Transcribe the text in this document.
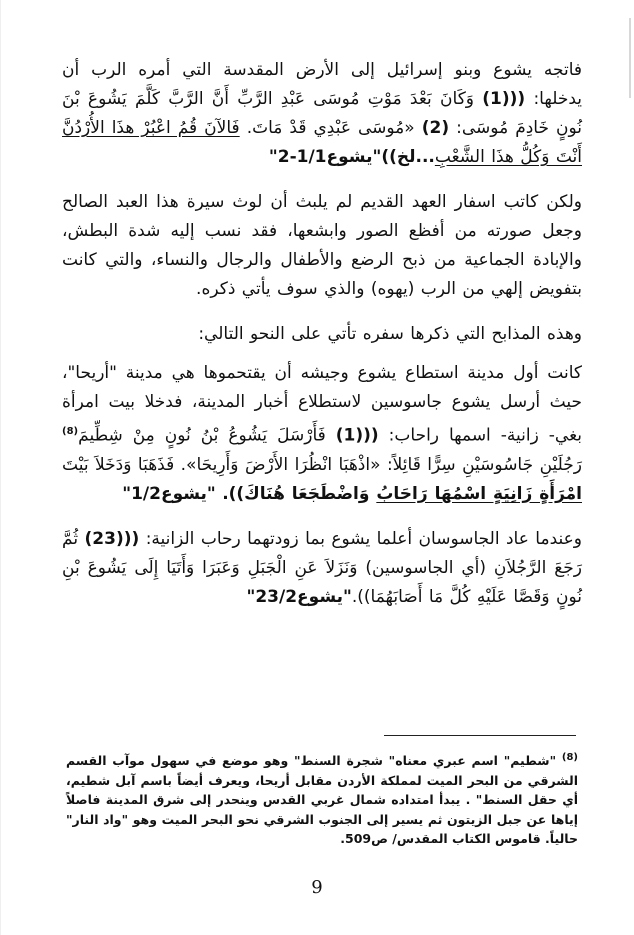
فاتجه يشوع وبنو إسرائيل إلى الأرض المقدسة التي أمره الرب أن يدخلها: (((1) وَكَانَ بَعْدَ مَوْتِ مُوسَى عَبْدِ الرَّبِّ أَنَّ الرَّبَّ كَلَّمَ يَشُوعَ بْنَ نُونٍ خَادِمَ مُوسَى: (2) «مُوسَى عَبْدِي قَدْ مَاتَ. فَالآنَ قُمُ اعْبُرْ هذَا الأُرْدُنَّ أَنْتَ وَكُلُّ هذَا الشَّعْبِ...لخ))"يشوع1/1-2"

ولكن كاتب اسفار العهد القديم لم يلبث أن لوث سيرة هذا العبد الصالح وجعل صورته من أفظع الصور وابشعها، فقد نسب إليه شدة البطش، والإبادة الجماعية من ذبح الرضع والأطفال والرجال والنساء، والتي كانت بتفويض إلهي من الرب (يهوه) والذي سوف يأتي ذكره.

وهذه المذابح التي ذكرها سفره تأتي على النحو التالي:

كانت أول مدينة استطاع يشوع وجيشه أن يقتحموها هي مدينة "أريحا"، حيث أرسل يشوع جاسوسين لاستطلاع أخبار المدينة، فدخلا بيت امرأة بغي- زانية- اسمها راحاب: (((1) فَأَرْسَلَ يَشُوعُ بْنُ نُونٍ مِنْ شِطِّيمَ$^{(8)}$ رَجُلَيْنِ جَاسُوسَيْنِ سِرًّا قَائِلاً: «اذْهَبَا انْظُرَا الأَرْضَ وَأَرِيحَا». فَذَهَبَا وَدَخَلاَ بَيْتَ امْرَأَةٍ زَانِيَةٍ اسْمُهَا رَاحَابُ وَاضْطَجَعَا هُنَاكَ)). "يشوع1/2"

وعندما عاد الجاسوسان أعلما يشوع بما زودتهما رحاب الزانية: (((23) ثُمَّ رَجَعَ الرَّجُلاَنِ (أي الجاسوسين) وَنَزَلاَ عَنِ الْجَبَلِ وَعَبَرَا وَأَتَيَا إِلَى يَشُوعَ بْنِ نُونٍ وَقَصَّا عَلَيْهِ كُلَّ مَا أَصَابَهُمَا))."يشوع23/2"

$^{(8)}$ "شطيم" اسم عبري معناه" شجرة السنط" وهو موضع في سهول موآب القسم الشرقي من البحر الميت لمملكة الأردن مقابل أريحا، ويعرف أيضاً باسم آبل شطيم، أي حقل السنط" . يبدأ امتداده شمال غربي القدس وينحدر إلى شرق المدينة فاصلاً إياها عن جبل الزيتون ثم يسير إلى الجنوب الشرقي نحو البحر الميت وهو "واد النار" حالياً. قاموس الكتاب المقدس/ ص509.
9
